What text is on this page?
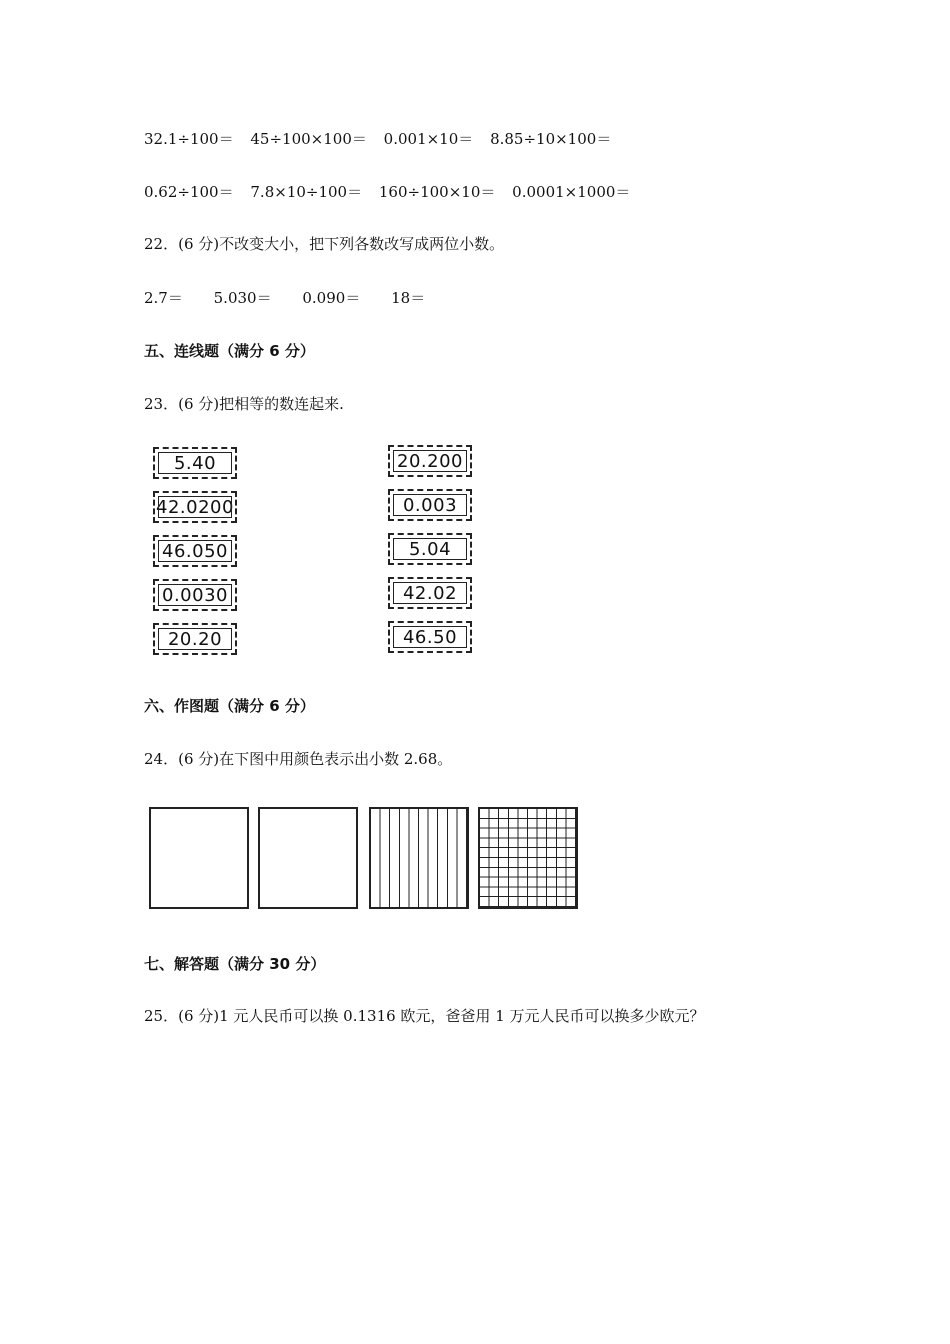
32.1÷100＝ 45÷100×100＝ 0.001×10＝ 8.85÷10×100＝
0.62÷100＝ 7.8×10÷100＝ 160÷100×10＝ 0.0001×1000＝
22．(6 分)不改变大小，把下列各数改写成两位小数。
2.7＝ 5.030＝ 0.090＝ 18＝
五、连线题（满分 6 分）
23．(6 分)把相等的数连起来.
5.40
42.0200
46.050
0.0030
20.20
20.200
0.003
5.04
42.02
46.50
六、作图题（满分 6 分）
24．(6 分)在下图中用颜色表示出小数 2.68。
七、解答题（满分 30 分）
25．(6 分)1 元人民币可以换 0.1316 欧元，爸爸用 1 万元人民币可以换多少欧元？
